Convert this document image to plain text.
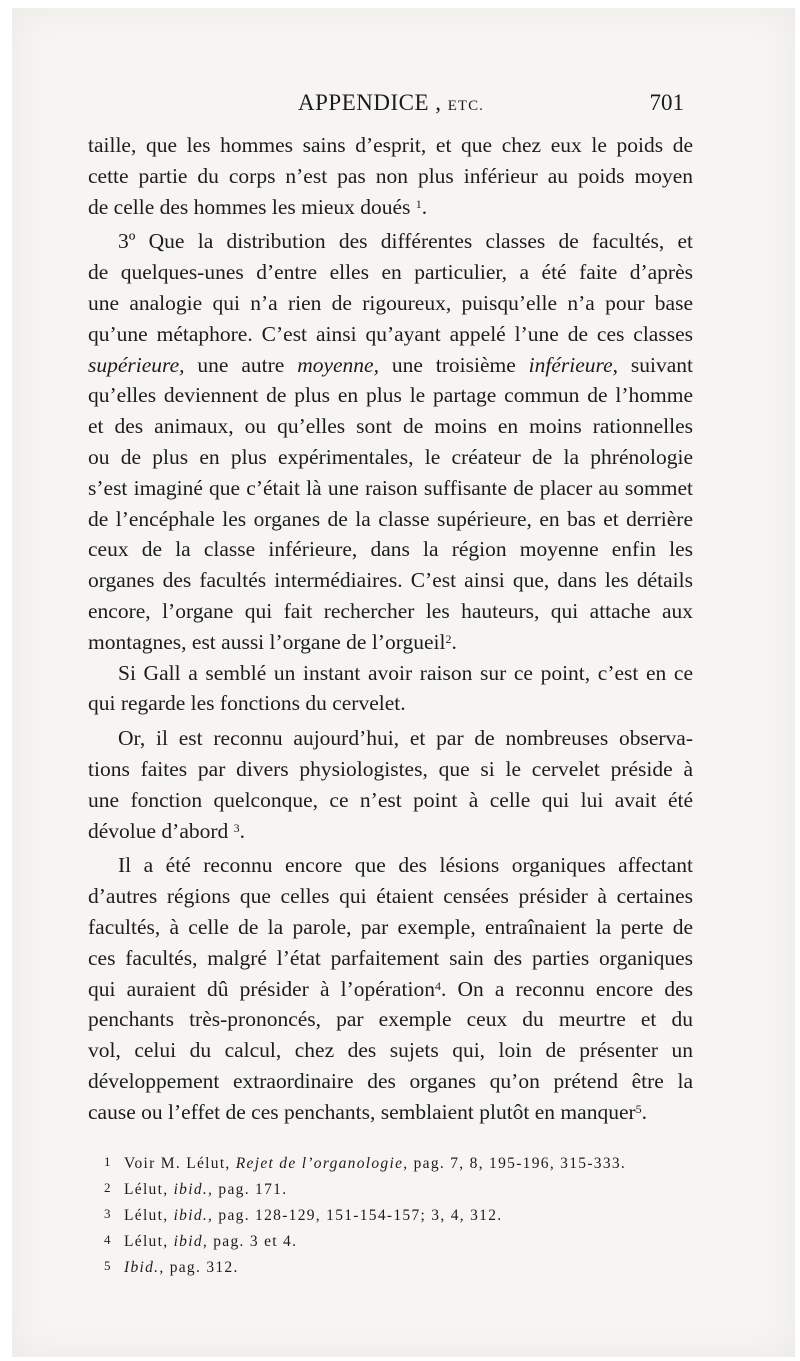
APPENDICE , ETC.	701

taille, que les hommes sains d’esprit, et que chez eux le poids de

cette partie du corps n’est pas non plus inférieur au poids moyen

de celle des hommes les mieux doués $^1$.

3º Que la distribution des différentes classes de facultés, et

de quelques-unes d’entre elles en particulier, a été faite d’après

une analogie qui n’a rien de rigoureux, puisqu’elle n’a pour base

qu’une métaphore. C’est ainsi qu’ayant appelé l’une de ces classes

supérieure, une autre moyenne, une troisième inférieure, suivant

qu’elles deviennent de plus en plus le partage commun de l’homme

et des animaux, ou qu’elles sont de moins en moins rationnelles

ou de plus en plus expérimentales, le créateur de la phrénologie

s’est imaginé que c’était là une raison suffisante de placer au sommet

de l’encéphale les organes de la classe supérieure, en bas et derrière

ceux de la classe inférieure, dans la région moyenne enfin les

organes des facultés intermédiaires. C’est ainsi que, dans les détails

encore, l’organe qui fait rechercher les hauteurs, qui attache aux

montagnes, est aussi l’organe de l’orgueil$^2$.

Si Gall a semblé un instant avoir raison sur ce point, c’est en ce

qui regarde les fonctions du cervelet.

Or, il est reconnu aujourd’hui, et par de nombreuses observa-

tions faites par divers physiologistes, que si le cervelet préside à

une fonction quelconque, ce n’est point à celle qui lui avait été

dévolue d’abord $^3$.

Il a été reconnu encore que des lésions organiques affectant

d’autres régions que celles qui étaient censées présider à certaines

facultés, à celle de la parole, par exemple, entraînaient la perte de

ces facultés, malgré l’état parfaitement sain des parties organiques

qui auraient dû présider à l’opération$^4$. On a reconnu encore des

penchants très-prononcés, par exemple ceux du meurtre et du

vol, celui du calcul, chez des sujets qui, loin de présenter un

développement extraordinaire des organes qu’on prétend être la

cause ou l’effet de ces penchants, semblaient plutôt en manquer$^5$.

1 Voir M. Lélut, Rejet de l’organologie, pag. 7, 8, 195-196, 315-333.
2 Lélut, ibid., pag. 171.
3 Lélut, ibid., pag. 128-129, 151-154-157; 3, 4, 312.
4 Lélut, ibid, pag. 3 et 4.
5 Ibid., pag. 312.
